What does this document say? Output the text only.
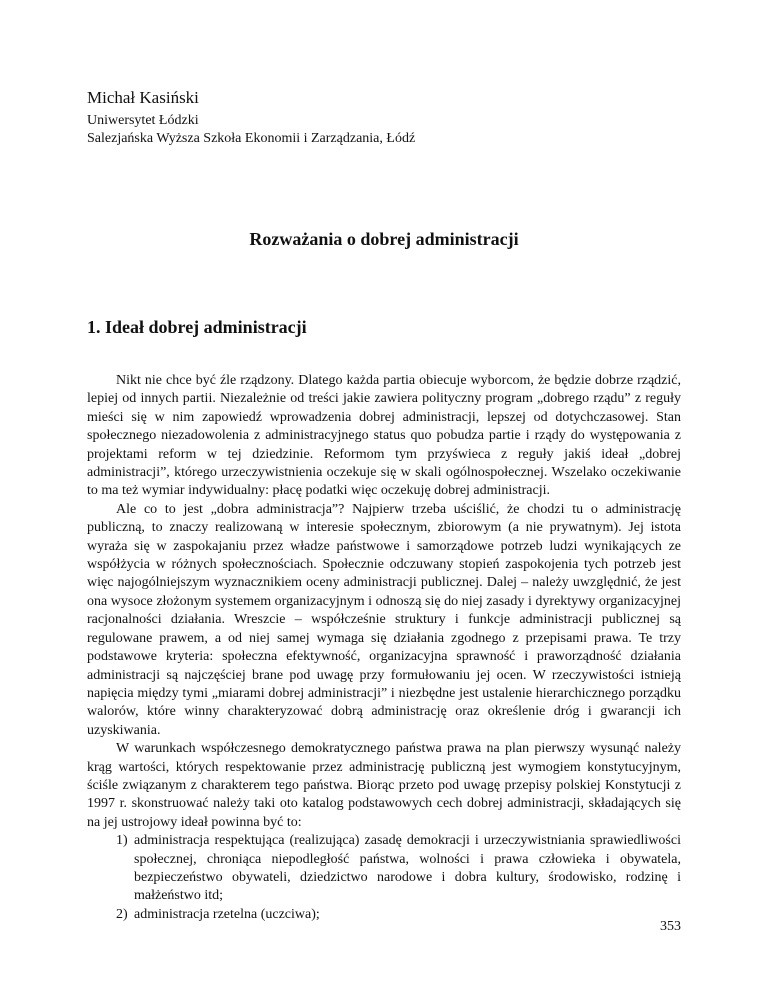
Michał Kasiński
Uniwersytet Łódzki
Salezjańska Wyższa Szkoła Ekonomii i Zarządzania, Łódź
Rozważania o dobrej administracji
1. Ideał dobrej administracji

Nikt nie chce być źle rządzony. Dlatego każda partia obiecuje wyborcom, że będzie dobrze rządzić, lepiej od innych partii. Niezależnie od treści jakie zawiera polityczny program „dobrego rządu” z reguły mieści się w nim zapowiedź wprowadzenia dobrej administracji, lepszej od dotychczasowej. Stan społecznego niezadowolenia z administracyjnego status quo pobudza partie i rządy do występowania z projektami reform w tej dziedzinie. Reformom tym przyświeca z reguły jakiś ideał „dobrej administracji”, którego urzeczywistnienia oczekuje się w skali ogólnospołecznej. Wszelako oczekiwanie to ma też wymiar indywidualny: płacę podatki więc oczekuję dobrej administracji.

Ale co to jest „dobra administracja”? Najpierw trzeba uściślić, że chodzi tu o administrację publiczną, to znaczy realizowaną w interesie społecznym, zbiorowym (a nie prywatnym). Jej istota wyraża się w zaspokajaniu przez władze państwowe i samorządowe potrzeb ludzi wynikających ze współżycia w różnych społecznościach. Społecznie odczuwany stopień zaspokojenia tych potrzeb jest więc najogólniejszym wyznacznikiem oceny administracji publicznej. Dalej – należy uwzględnić, że jest ona wysoce złożonym systemem organizacyjnym i odnoszą się do niej zasady i dyrektywy organizacyjnej racjonalności działania. Wreszcie – współcześnie struktury i funkcje administracji publicznej są regulowane prawem, a od niej samej wymaga się działania zgodnego z przepisami prawa. Te trzy podstawowe kryteria: społeczna efektywność, organizacyjna sprawność i praworządność działania administracji są najczęściej brane pod uwagę przy formułowaniu jej ocen. W rzeczywistości istnieją napięcia między tymi „miarami dobrej administracji” i niezbędne jest ustalenie hierarchicznego porządku walorów, które winny charakteryzować dobrą administrację oraz określenie dróg i gwarancji ich uzyskiwania.

W warunkach współczesnego demokratycznego państwa prawa na plan pierwszy wysunąć należy krąg wartości, których respektowanie przez administrację publiczną jest wymogiem konstytucyjnym, ściśle związanym z charakterem tego państwa. Biorąc przeto pod uwagę przepisy polskiej Konstytucji z 1997 r. skonstruować należy taki oto katalog podstawowych cech dobrej administracji, składających się na jej ustrojowy ideał powinna być to:

1) administracja respektująca (realizująca) zasadę demokracji i urzeczywistniania sprawiedliwości społecznej, chroniąca niepodległość państwa, wolności i prawa człowieka i obywatela, bezpieczeństwo obywateli, dziedzictwo narodowe i dobra kultury, środowisko, rodzinę i małżeństwo itd;
2) administracja rzetelna (uczciwa);
353
